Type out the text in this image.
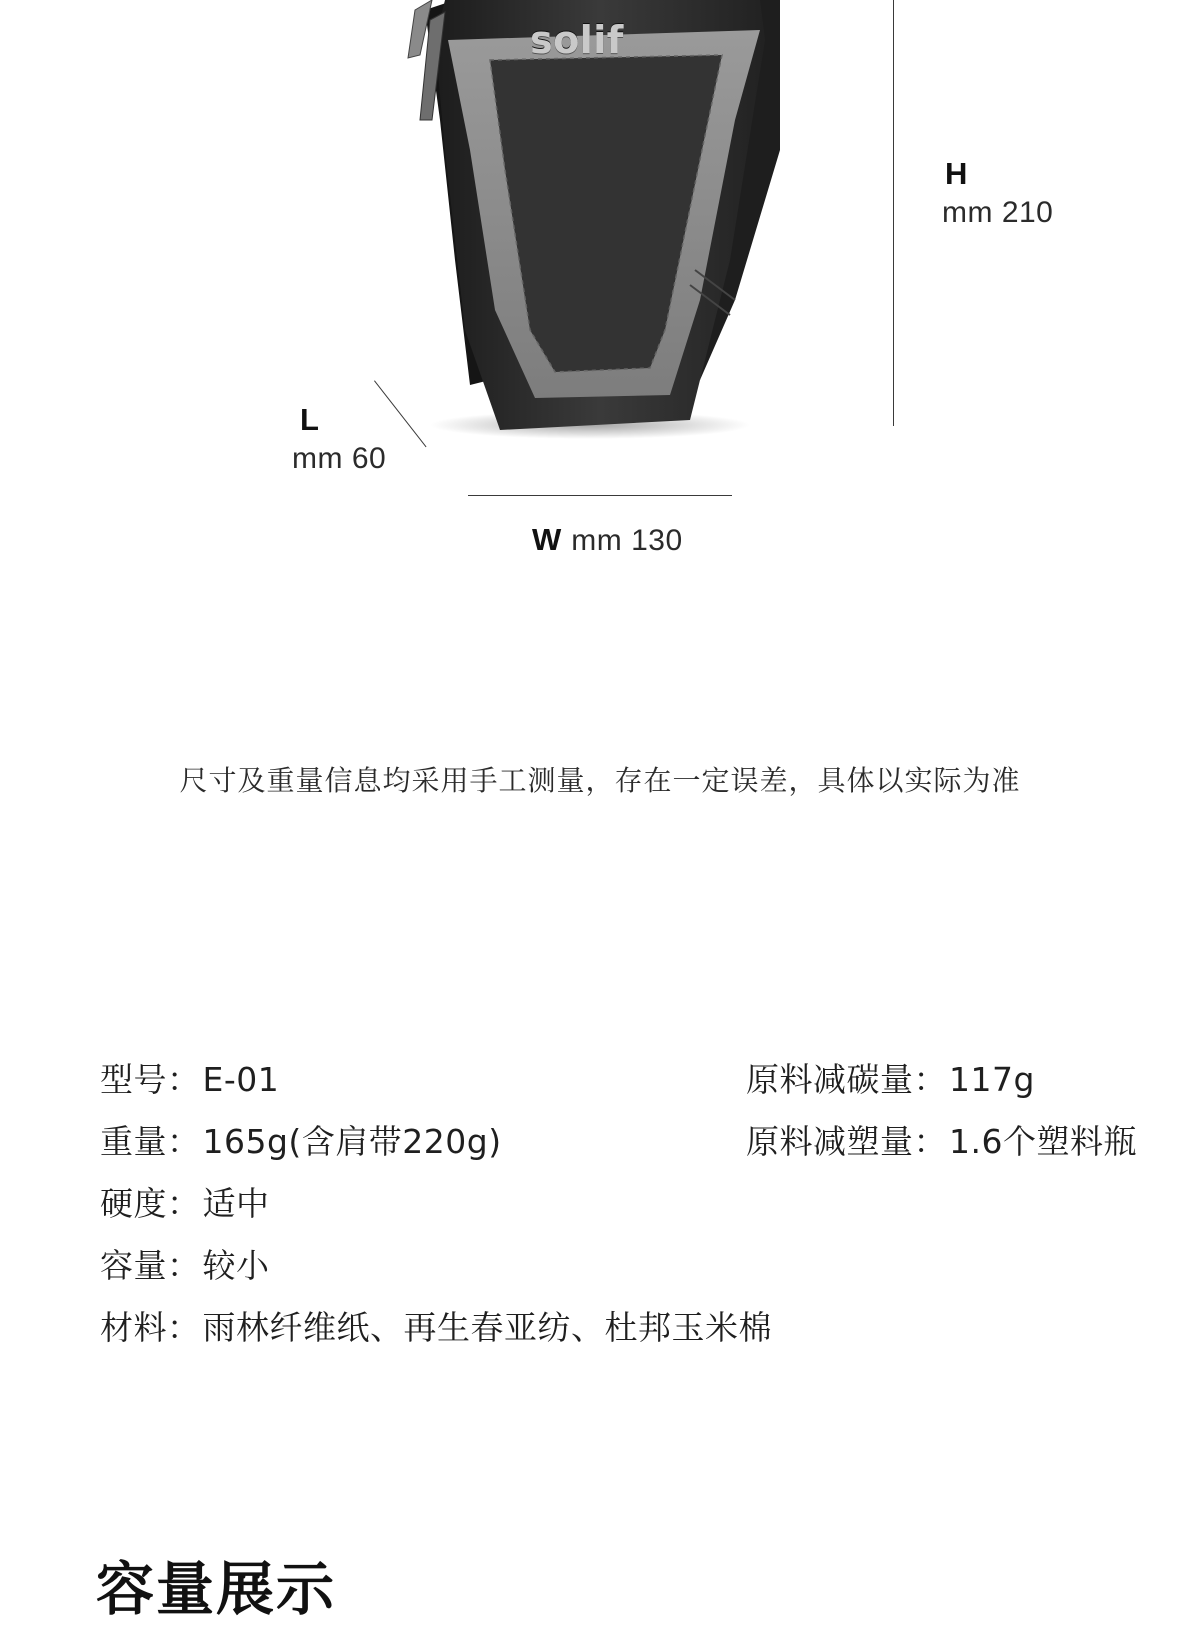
solif
H
mm 210
L
mm 60
W mm 130
尺寸及重量信息均采用手工测量，存在一定误差，具体以实际为准
型号：E-01
重量：165g(含肩带220g)
硬度：适中
容量：较小
材料：雨林纤维纸、再生春亚纺、杜邦玉米棉
原料减碳量：117g
原料减塑量：1.6个塑料瓶
容量展示
